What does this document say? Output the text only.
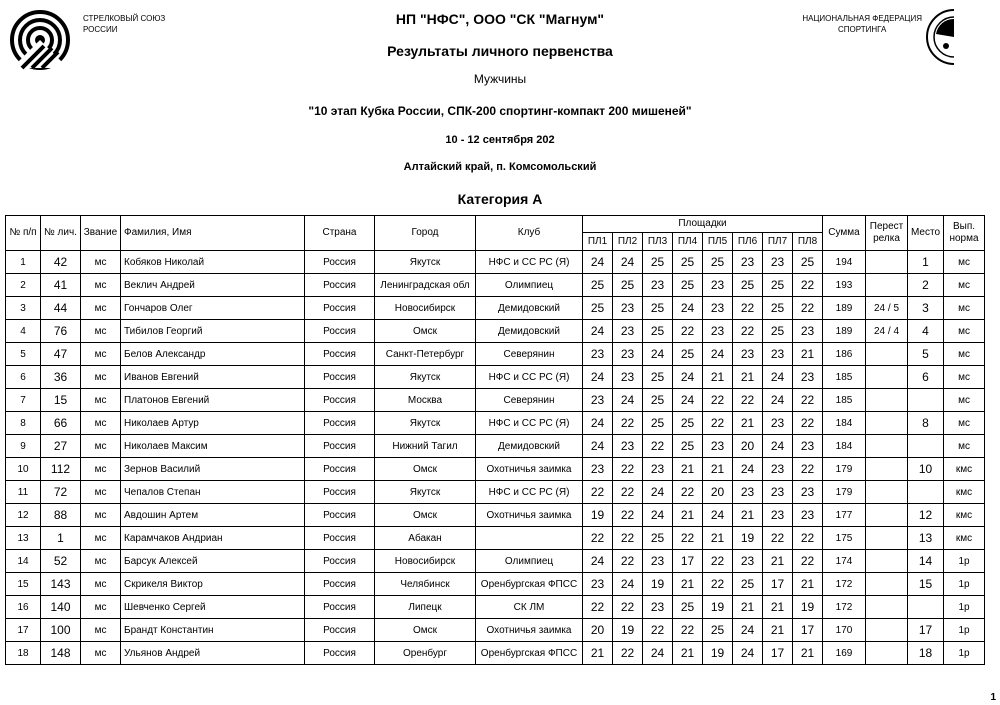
СТРЕЛКОВЫЙ СОЮЗ
РОССИИ
НАЦИОНАЛЬНАЯ ФЕДЕРАЦИЯ
СПОРТИНГА
НП "НФС", ООО "СК "Магнум"
Результаты личного первенства
Мужчины
"10 этап Кубка России, СПК-200 спортинг-компакт 200 мишеней"
10 - 12 сентября 202
Алтайский край, п. Комсомольский
Категория А
№ п/п	№ лич.	Звание	Фамилия, Имя	Страна	Город	Клуб	Площадки								Сумма	Перест релка	Место	Вып. норма
							ПЛ1	ПЛ2	ПЛ3	ПЛ4	ПЛ5	ПЛ6	ПЛ7	ПЛ8				
1	42	мс	Кобяков Николай	Россия	Якутск	НФС и СС РС (Я)	24	24	25	25	25	23	23	25	194		1	мс
2	41	мс	Веклич Андрей	Россия	Ленинградская обл	Олимпиец	25	25	23	25	23	25	25	22	193		2	мс
3	44	мс	Гончаров Олег	Россия	Новосибирск	Демидовский	25	23	25	24	23	22	25	22	189	24 / 5	3	мс
4	76	мс	Тибилов Георгий	Россия	Омск	Демидовский	24	23	25	22	23	22	25	23	189	24 / 4	4	мс
5	47	мс	Белов Александр	Россия	Санкт-Петербург	Северянин	23	23	24	25	24	23	23	21	186		5	мс
6	36	мс	Иванов Евгений	Россия	Якутск	НФС и СС РС (Я)	24	23	25	24	21	21	24	23	185		6	мс
7	15	мс	Платонов Евгений	Россия	Москва	Северянин	23	24	25	24	22	22	24	22	185			мс
8	66	мс	Николаев Артур	Россия	Якутск	НФС и СС РС (Я)	24	22	25	25	22	21	23	22	184		8	мс
9	27	мс	Николаев Максим	Россия	Нижний Тагил	Демидовский	24	23	22	25	23	20	24	23	184			мс
10	112	мс	Зернов Василий	Россия	Омск	Охотничья заимка	23	22	23	21	21	24	23	22	179		10	кмс
11	72	мс	Чепалов Степан	Россия	Якутск	НФС и СС РС (Я)	22	22	24	22	20	23	23	23	179			кмс
12	88	мс	Авдошин Артем	Россия	Омск	Охотничья заимка	19	22	24	21	24	21	23	23	177		12	кмс
13	1	мс	Карамчаков Андриан	Россия	Абакан		22	22	25	22	21	19	22	22	175		13	кмс
14	52	мс	Барсук Алексей	Россия	Новосибирск	Олимпиец	24	22	23	17	22	23	21	22	174		14	1р
15	143	мс	Скрикеля Виктор	Россия	Челябинск	Оренбургская ФПСС	23	24	19	21	22	25	17	21	172		15	1р
16	140	мс	Шевченко Сергей	Россия	Липецк	СК ЛМ	22	22	23	25	19	21	21	19	172			1р
17	100	мс	Брандт Константин	Россия	Омск	Охотничья заимка	20	19	22	22	25	24	21	17	170		17	1р
18	148	мс	Ульянов Андрей	Россия	Оренбург	Оренбургская ФПСС	21	22	24	21	19	24	17	21	169		18	1р
1
